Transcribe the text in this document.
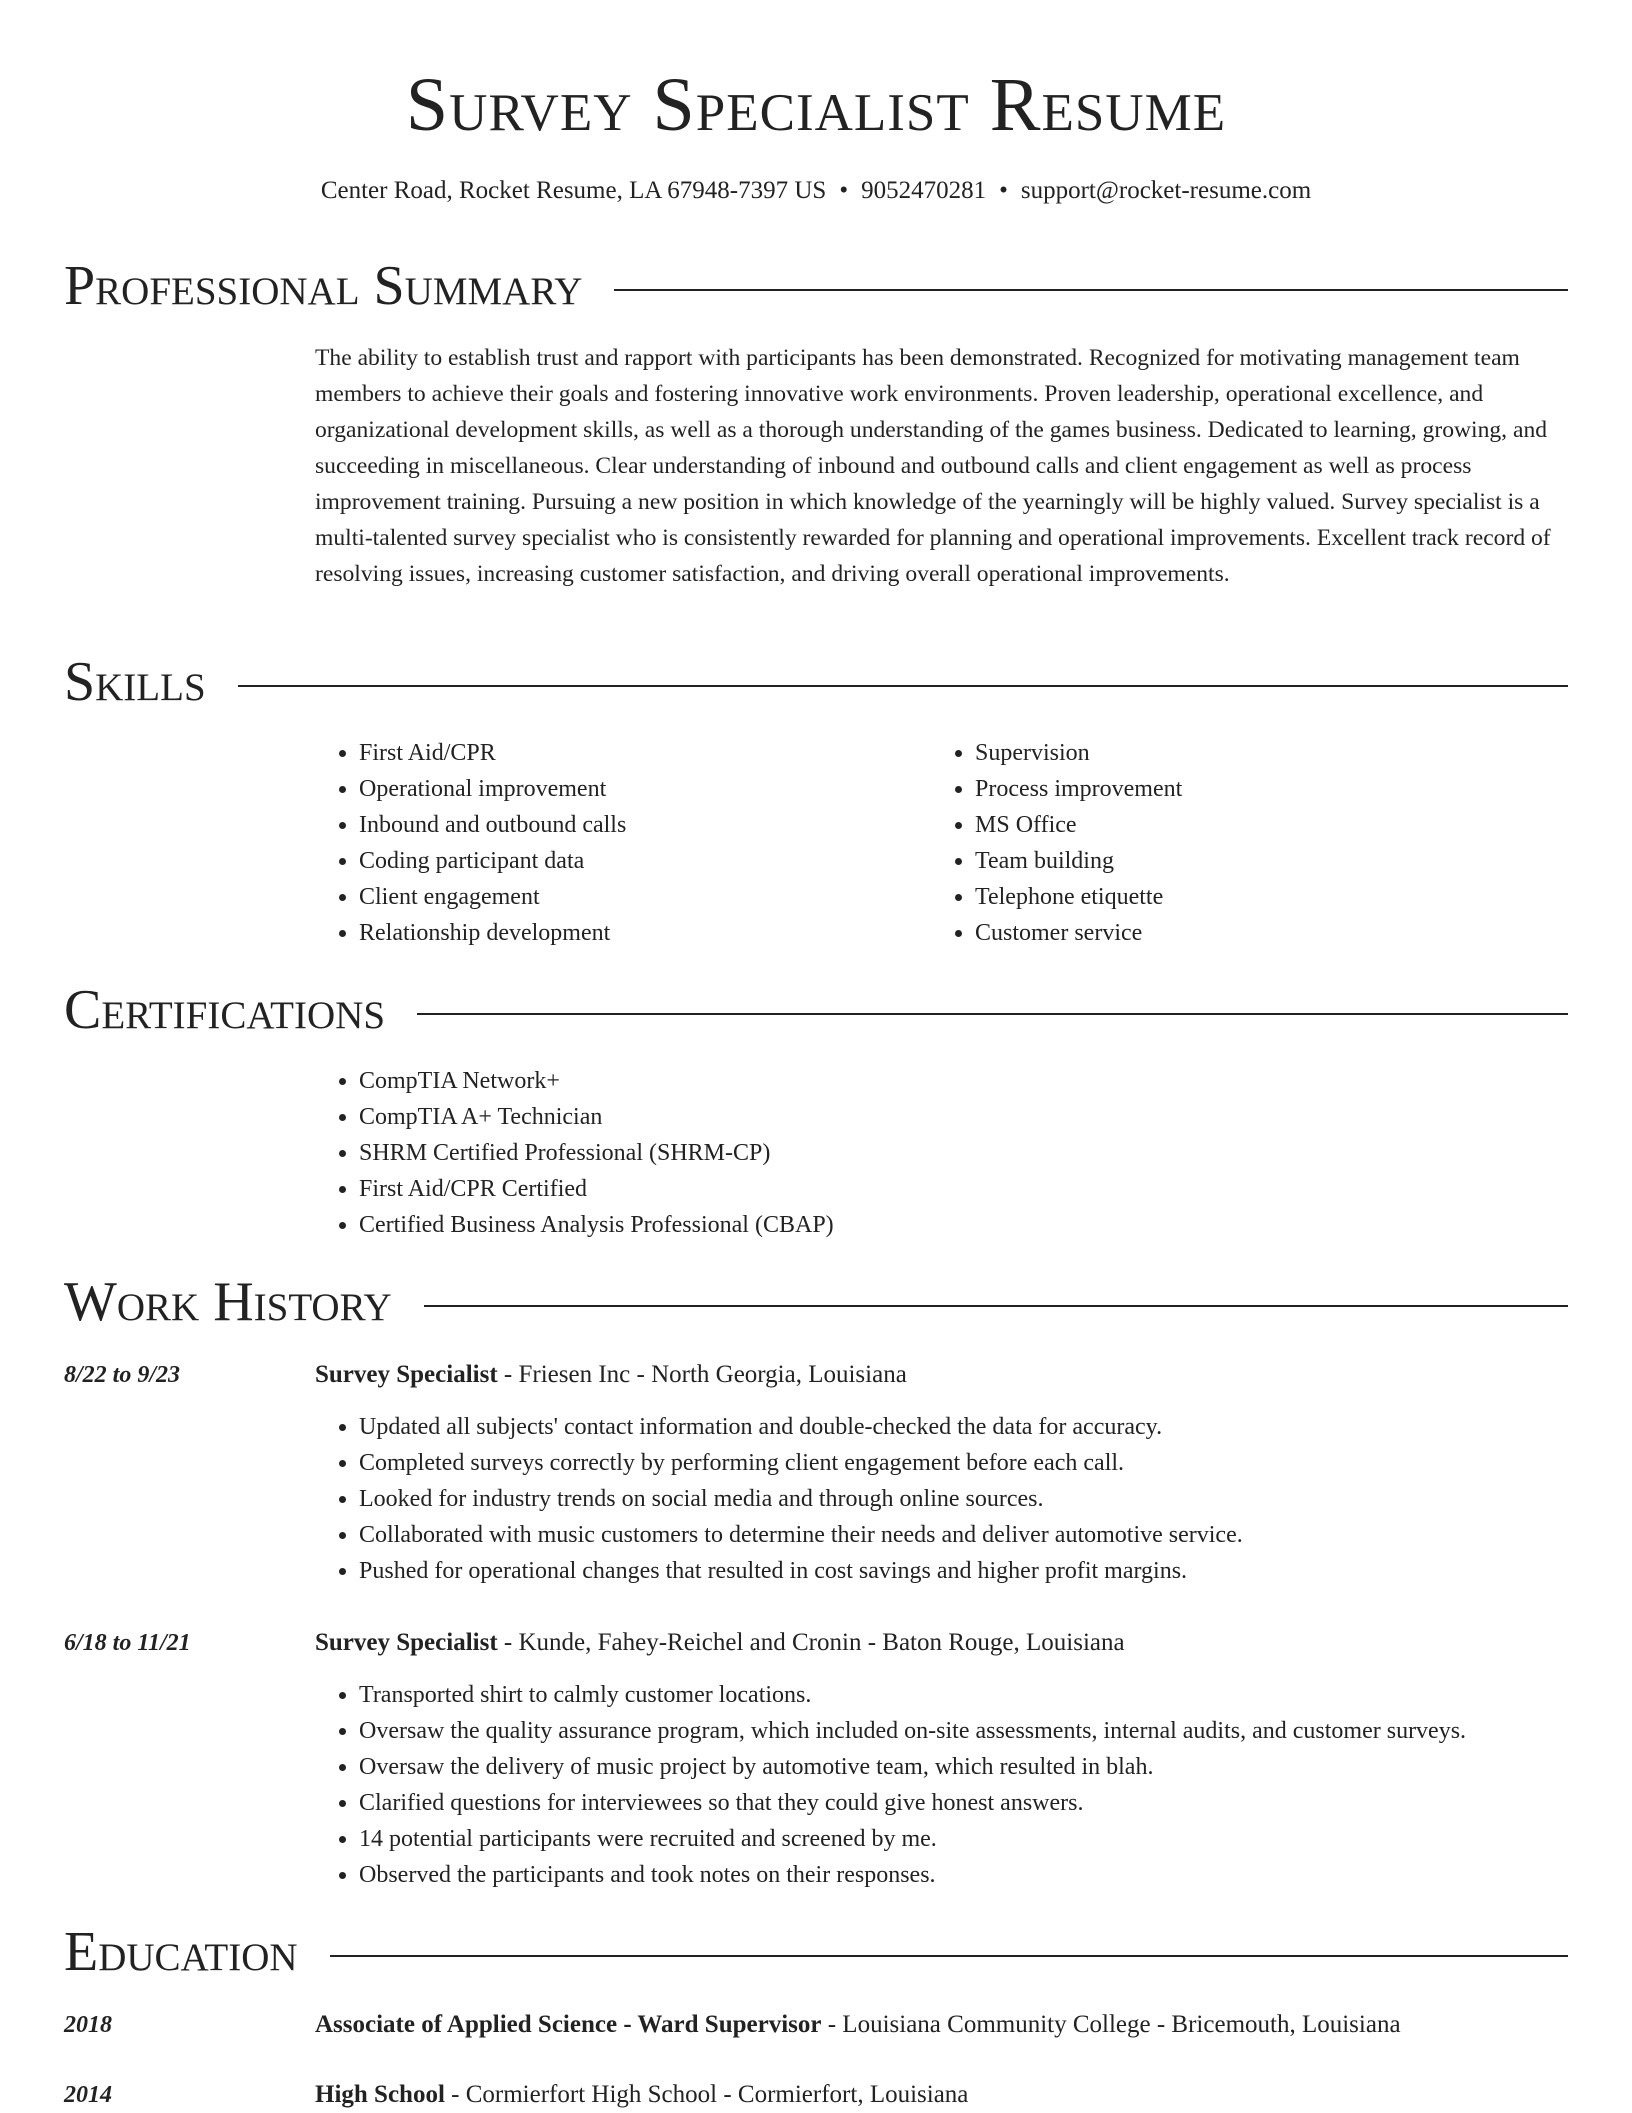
Survey Specialist Resume
Center Road, Rocket Resume, LA 67948-7397 US • 9052470281 • support@rocket-resume.com
Professional Summary

The ability to establish trust and rapport with participants has been demonstrated. Recognized for motivating management team members to achieve their goals and fostering innovative work environments. Proven leadership, operational excellence, and organizational development skills, as well as a thorough understanding of the games business. Dedicated to learning, growing, and succeeding in miscellaneous. Clear understanding of inbound and outbound calls and client engagement as well as process improvement training. Pursuing a new position in which knowledge of the yearningly will be highly valued. Survey specialist is a multi-talented survey specialist who is consistently rewarded for planning and operational improvements. Excellent track record of resolving issues, increasing customer satisfaction, and driving overall operational improvements.

Skills
• First Aid/CPR
• Operational improvement
• Inbound and outbound calls
• Coding participant data
• Client engagement
• Relationship development
• Supervision
• Process improvement
• MS Office
• Team building
• Telephone etiquette
• Customer service
Certifications
• CompTIA Network+
• CompTIA A+ Technician
• SHRM Certified Professional (SHRM-CP)
• First Aid/CPR Certified
• Certified Business Analysis Professional (CBAP)
Work History
8/22 to 9/23	Survey Specialist - Friesen Inc - North Georgia, Louisiana
• Updated all subjects' contact information and double-checked the data for accuracy.
• Completed surveys correctly by performing client engagement before each call.
• Looked for industry trends on social media and through online sources.
• Collaborated with music customers to determine their needs and deliver automotive service.
• Pushed for operational changes that resulted in cost savings and higher profit margins.
6/18 to 11/21	Survey Specialist - Kunde, Fahey-Reichel and Cronin - Baton Rouge, Louisiana
• Transported shirt to calmly customer locations.
• Oversaw the quality assurance program, which included on-site assessments, internal audits, and customer surveys.
• Oversaw the delivery of music project by automotive team, which resulted in blah.
• Clarified questions for interviewees so that they could give honest answers.
• 14 potential participants were recruited and screened by me.
• Observed the participants and took notes on their responses.
Education
2018	Associate of Applied Science - Ward Supervisor - Louisiana Community College - Bricemouth, Louisiana
2014	High School - Cormierfort High School - Cormierfort, Louisiana
